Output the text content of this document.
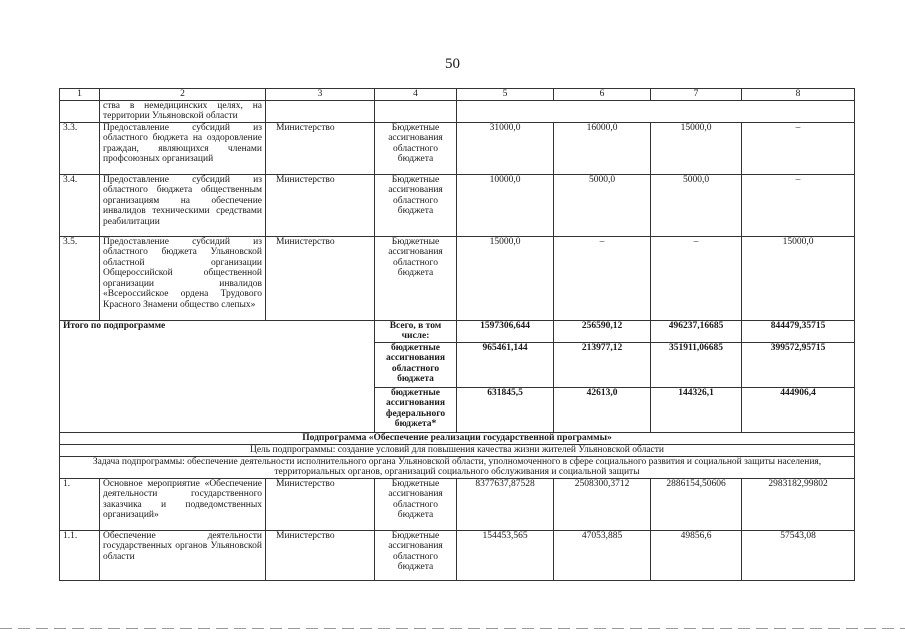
50
1	2	3	4	5	6	7	8
	ства в немедицинских целях, на территории Ульяновской области						
3.3.	Предоставление субсидий из областного бюджета на оздоровление граждан, являющихся членами профсоюзных организаций	Министерство	Бюджетные ассигнования областного бюджета	31000,0	16000,0	15000,0	–
3.4.	Предоставление субсидий из областного бюджета общественным организациям на обеспечение инвалидов техническими средствами реабилитации	Министерство	Бюджетные ассигнования областного бюджета	10000,0	5000,0	5000,0	–
3.5.	Предоставление субсидий из областного бюджета Ульяновской областной организации Общероссийской общественной организации инвалидов «Всероссийское ордена Трудового Красного Знамени общество слепых»	Министерство	Бюджетные ассигнования областного бюджета	15000,0	–	–	15000,0
Итого по подпрограмме			Всего, в том числе:	1597306,644	256590,12	496237,16685	844479,35715
			бюджетные ассигнования областного бюджета	965461,144	213977,12	351911,06685	399572,95715
			бюджетные ассигнования федерального бюджета*	631845,5	42613,0	144326,1	444906,4
Подпрограмма «Обеспечение реализации государственной программы»							
Цель подпрограммы: создание условий для повышения качества жизни жителей Ульяновской области							
Задача подпрограммы: обеспечение деятельности исполнительного органа Ульяновской области, уполномоченного в сфере социального развития и социальной защиты населения, территориальных органов, организаций социального обслуживания и социальной защиты							
1.	Основное мероприятие «Обеспечение деятельности государственного заказчика и подведомственных организаций»	Министерство	Бюджетные ассигнования областного бюджета	8377637,87528	2508300,3712	2886154,50606	2983182,99802
1.1.	Обеспечение деятельности государственных органов Ульяновской области	Министерство	Бюджетные ассигнования областного бюджета	154453,565	47053,885	49856,6	57543,08
